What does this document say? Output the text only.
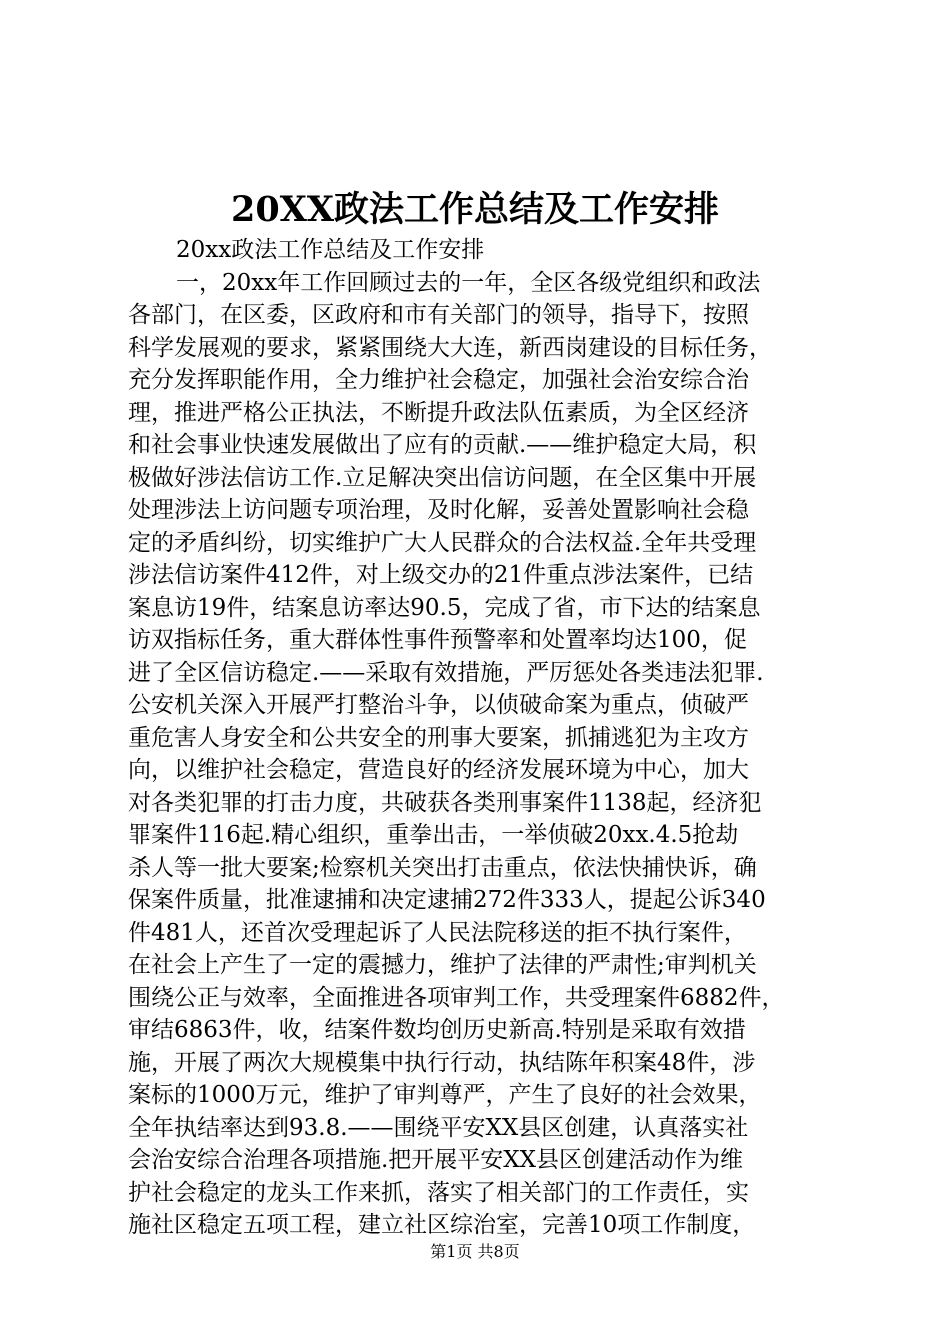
20XX政法工作总结及工作安排
20xx政法工作总结及工作安排
一，20xx年工作回顾过去的一年，全区各级党组织和政法
各部门，在区委，区政府和市有关部门的领导，指导下，按照
科学发展观的要求，紧紧围绕大大连，新西岗建设的目标任务，
充分发挥职能作用，全力维护社会稳定，加强社会治安综合治
理，推进严格公正执法，不断提升政法队伍素质，为全区经济
和社会事业快速发展做出了应有的贡献.——维护稳定大局，积
极做好涉法信访工作.立足解决突出信访问题，在全区集中开展
处理涉法上访问题专项治理，及时化解，妥善处置影响社会稳
定的矛盾纠纷，切实维护广大人民群众的合法权益.全年共受理
涉法信访案件412件，对上级交办的21件重点涉法案件，已结
案息访19件，结案息访率达90.5，完成了省，市下达的结案息
访双指标任务，重大群体性事件预警率和处置率均达100，促
进了全区信访稳定.——采取有效措施，严厉惩处各类违法犯罪.
公安机关深入开展严打整治斗争，以侦破命案为重点，侦破严
重危害人身安全和公共安全的刑事大要案，抓捕逃犯为主攻方
向，以维护社会稳定，营造良好的经济发展环境为中心，加大
对各类犯罪的打击力度，共破获各类刑事案件1138起，经济犯
罪案件116起.精心组织，重拳出击，一举侦破20xx.4.5抢劫
杀人等一批大要案;检察机关突出打击重点，依法快捕快诉，确
保案件质量，批准逮捕和决定逮捕272件333人，提起公诉340
件481人，还首次受理起诉了人民法院移送的拒不执行案件，
在社会上产生了一定的震撼力，维护了法律的严肃性;审判机关
围绕公正与效率，全面推进各项审判工作，共受理案件6882件，
审结6863件，收，结案件数均创历史新高.特别是采取有效措
施，开展了两次大规模集中执行行动，执结陈年积案48件，涉
案标的1000万元，维护了审判尊严，产生了良好的社会效果，
全年执结率达到93.8.——围绕平安XX县区创建，认真落实社
会治安综合治理各项措施.把开展平安XX县区创建活动作为维
护社会稳定的龙头工作来抓，落实了相关部门的工作责任，实
施社区稳定五项工程，建立社区综治室，完善10项工作制度，
第1页 共8页
